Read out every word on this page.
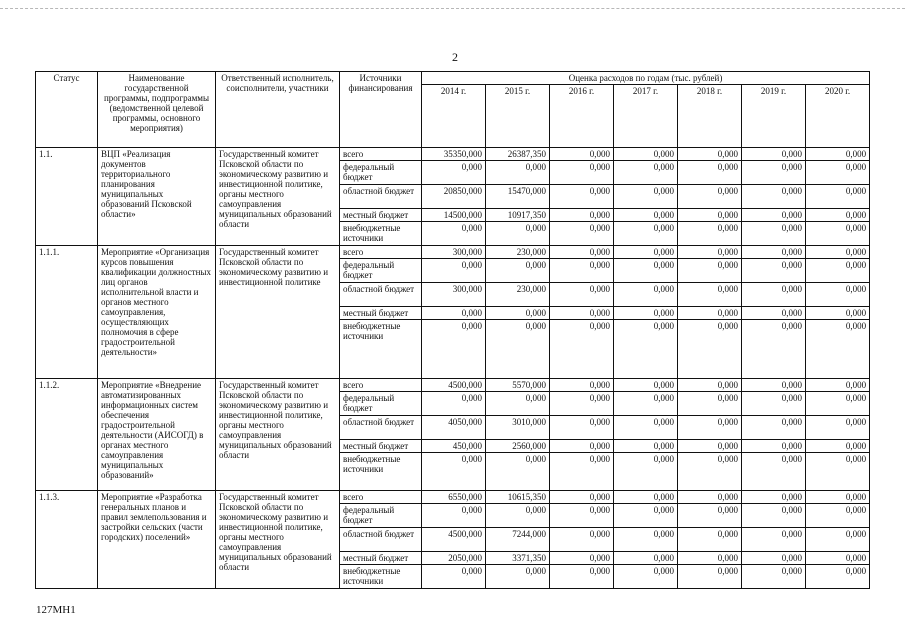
2
Статус	Наименование государственной программы, подпрограммы (ведомственной целевой программы, основного мероприятия)	Ответственный исполнитель, соисполнители, участники	Источники финансирования	Оценка расходов по годам (тыс. рублей)						
				2014 г.	2015 г.	2016 г.	2017 г.	2018 г.	2019 г.	2020 г.
1.1.	ВЦП «Реализация документов территориального планирования муниципальных образований Псковской области»	Государственный комитет Псковской области по экономическому развитию и инвестиционной политике, органы местного самоуправления муниципальных образований области	всего	35350,000	26387,350	0,000	0,000	0,000	0,000	0,000
			федеральный бюджет	0,000	0,000	0,000	0,000	0,000	0,000	0,000
			областной бюджет	20850,000	15470,000	0,000	0,000	0,000	0,000	0,000
			местный бюджет	14500,000	10917,350	0,000	0,000	0,000	0,000	0,000
			внебюджетные источники	0,000	0,000	0,000	0,000	0,000	0,000	0,000
1.1.1.	Мероприятие «Организация курсов повышения квалификации должностных лиц органов исполнительной власти и органов местного самоуправления, осуществляющих полномочия в сфере градостроительной деятельности»	Государственный комитет Псковской области по экономическому развитию и инвестиционной политике	всего	300,000	230,000	0,000	0,000	0,000	0,000	0,000
			федеральный бюджет	0,000	0,000	0,000	0,000	0,000	0,000	0,000
			областной бюджет	300,000	230,000	0,000	0,000	0,000	0,000	0,000
			местный бюджет	0,000	0,000	0,000	0,000	0,000	0,000	0,000
			внебюджетные источники	0,000	0,000	0,000	0,000	0,000	0,000	0,000
1.1.2.	Мероприятие «Внедрение автоматизированных информационных систем обеспечения градостроительной деятельности (АИСОГД) в органах местного самоуправления муниципальных образований»	Государственный комитет Псковской области по экономическому развитию и инвестиционной политике, органы местного самоуправления муниципальных образований области	всего	4500,000	5570,000	0,000	0,000	0,000	0,000	0,000
			федеральный бюджет	0,000	0,000	0,000	0,000	0,000	0,000	0,000
			областной бюджет	4050,000	3010,000	0,000	0,000	0,000	0,000	0,000
			местный бюджет	450,000	2560,000	0,000	0,000	0,000	0,000	0,000
			внебюджетные источники	0,000	0,000	0,000	0,000	0,000	0,000	0,000
1.1.3.	Мероприятие «Разработка генеральных планов и правил землепользования и застройки сельских (части городских) поселений»	Государственный комитет Псковской области по экономическому развитию и инвестиционной политике, органы местного самоуправления муниципальных образований области	всего	6550,000	10615,350	0,000	0,000	0,000	0,000	0,000
			федеральный бюджет	0,000	0,000	0,000	0,000	0,000	0,000	0,000
			областной бюджет	4500,000	7244,000	0,000	0,000	0,000	0,000	0,000
			местный бюджет	2050,000	3371,350	0,000	0,000	0,000	0,000	0,000
			внебюджетные источники	0,000	0,000	0,000	0,000	0,000	0,000	0,000
127МН1
